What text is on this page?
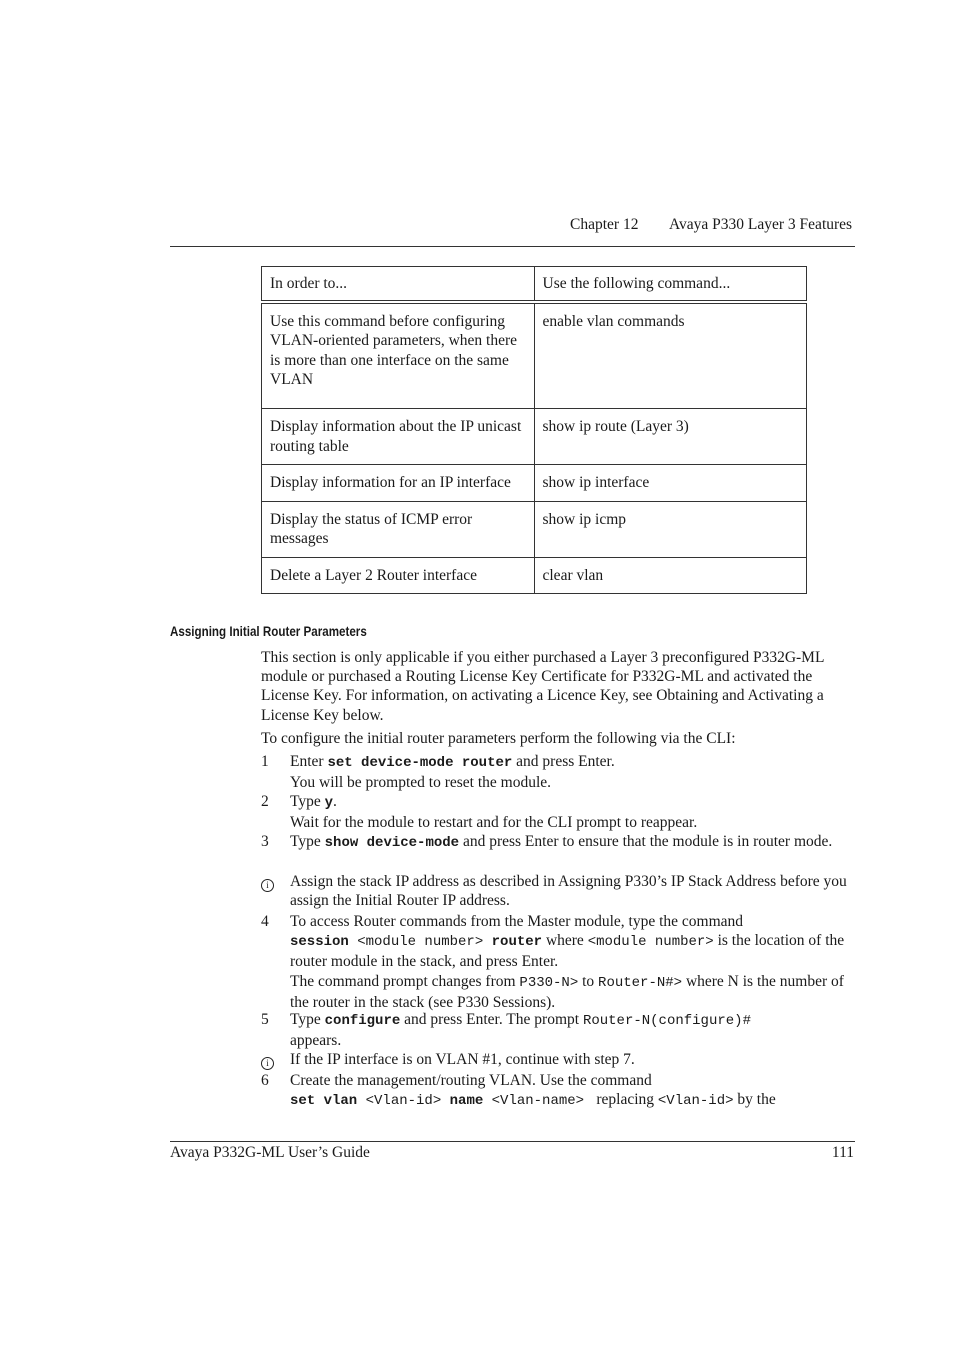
Chapter 12 Avaya P330 Layer 3 Features
In order to...	Use the following command...
Use this command before configuring VLAN-oriented parameters, when there is more than one interface on the same VLAN	enable vlan commands
Display information about the IP unicast routing table	show ip route (Layer 3)
Display information for an IP interface	show ip interface
Display the status of ICMP error messages	show ip icmp
Delete a Layer 2 Router interface	clear vlan
Assigning Initial Router Parameters
This section is only applicable if you either purchased a Layer 3 preconfigured P332G-ML module or purchased a Routing License Key Certificate for P332G-ML and activated the License Key. For information, on activating a Licence Key, see Obtaining and Activating a License Key below.
To configure the initial router parameters perform the following via the CLI:
1 Enter set device-mode router and press Enter.
You will be prompted to reset the module.
2 Type y.
Wait for the module to restart and for the CLI prompt to reappear.
3 Type show device-mode and press Enter to ensure that the module is in router mode.
i	Assign the stack IP address as described in Assigning P330’s IP Stack Address before you assign the Initial Router IP address.
4 To access Router commands from the Master module, type the command
session <module number> router where <module number> is the location of the router module in the stack, and press Enter.
The command prompt changes from P330-N> to Router-N#> where N is the number of the router in the stack (see P330 Sessions).
5 Type configure and press Enter. The prompt Router-N(configure)#
appears.
i	If the IP interface is on VLAN #1, continue with step 7.
6 Create the management/routing VLAN. Use the command
set vlan <Vlan-id> name <Vlan-name>  replacing <Vlan-id> by the
Avaya P332G-ML User’s Guide	111
